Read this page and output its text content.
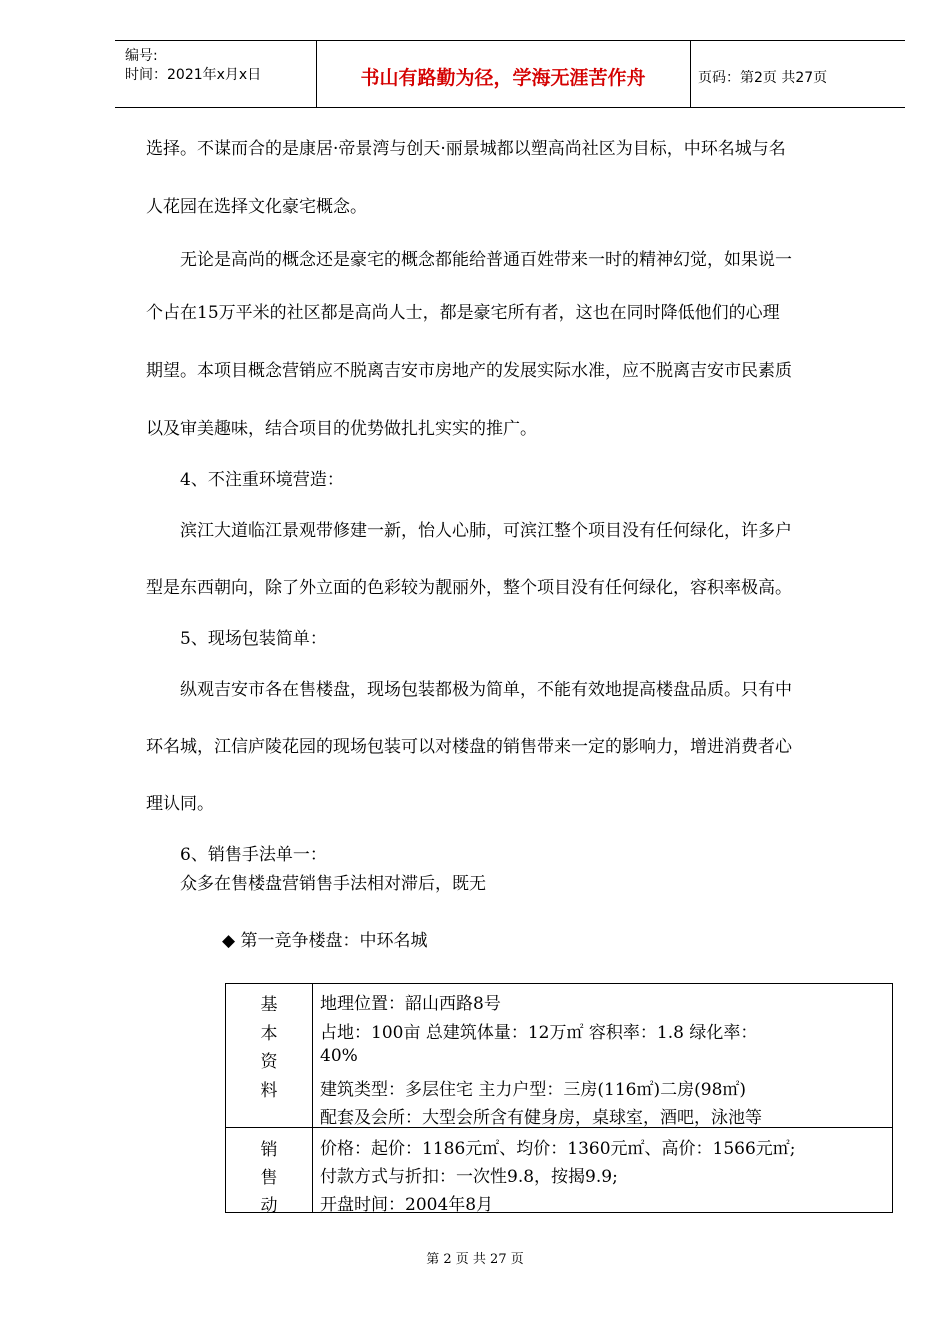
编号:
时间：2021年x月x日	书山有路勤为径，学海无涯苦作舟	页码：第2页 共27页
选择。不谋而合的是康居·帝景湾与创天·丽景城都以塑高尚社区为目标，中环名城与名
人花园在选择文化豪宅概念。
无论是高尚的概念还是豪宅的概念都能给普通百姓带来一时的精神幻觉，如果说一
个占在15万平米的社区都是高尚人士，都是豪宅所有者，这也在同时降低他们的心理
期望。本项目概念营销应不脱离吉安市房地产的发展实际水准，应不脱离吉安市民素质
以及审美趣味，结合项目的优势做扎扎实实的推广。
4、不注重环境营造：
滨江大道临江景观带修建一新，怡人心肺，可滨江整个项目没有任何绿化，许多户
型是东西朝向，除了外立面的色彩较为靓丽外，整个项目没有任何绿化，容积率极高。
5、现场包装简单：
纵观吉安市各在售楼盘，现场包装都极为简单，不能有效地提高楼盘品质。只有中
环名城，江信庐陵花园的现场包装可以对楼盘的销售带来一定的影响力，增进消费者心
理认同。
6、销售手法单一：
众多在售楼盘营销售手法相对滞后，既无
◆ 第一竞争楼盘：中环名城
基
本
资
料
地理位置：韶山西路8号
占地：100亩 总建筑体量：12万㎡ 容积率：1.8 绿化率：
40%
建筑类型：多层住宅 主力户型：三房(116㎡)二房(98㎡)
配套及会所：大型会所含有健身房，桌球室，酒吧，泳池等
销
售
动
价格：起价：1186元㎡、均价：1360元㎡、高价：1566元㎡;
付款方式与折扣：一次性9.8，按揭9.9;
开盘时间：2004年8月
第 2 页 共 27 页
